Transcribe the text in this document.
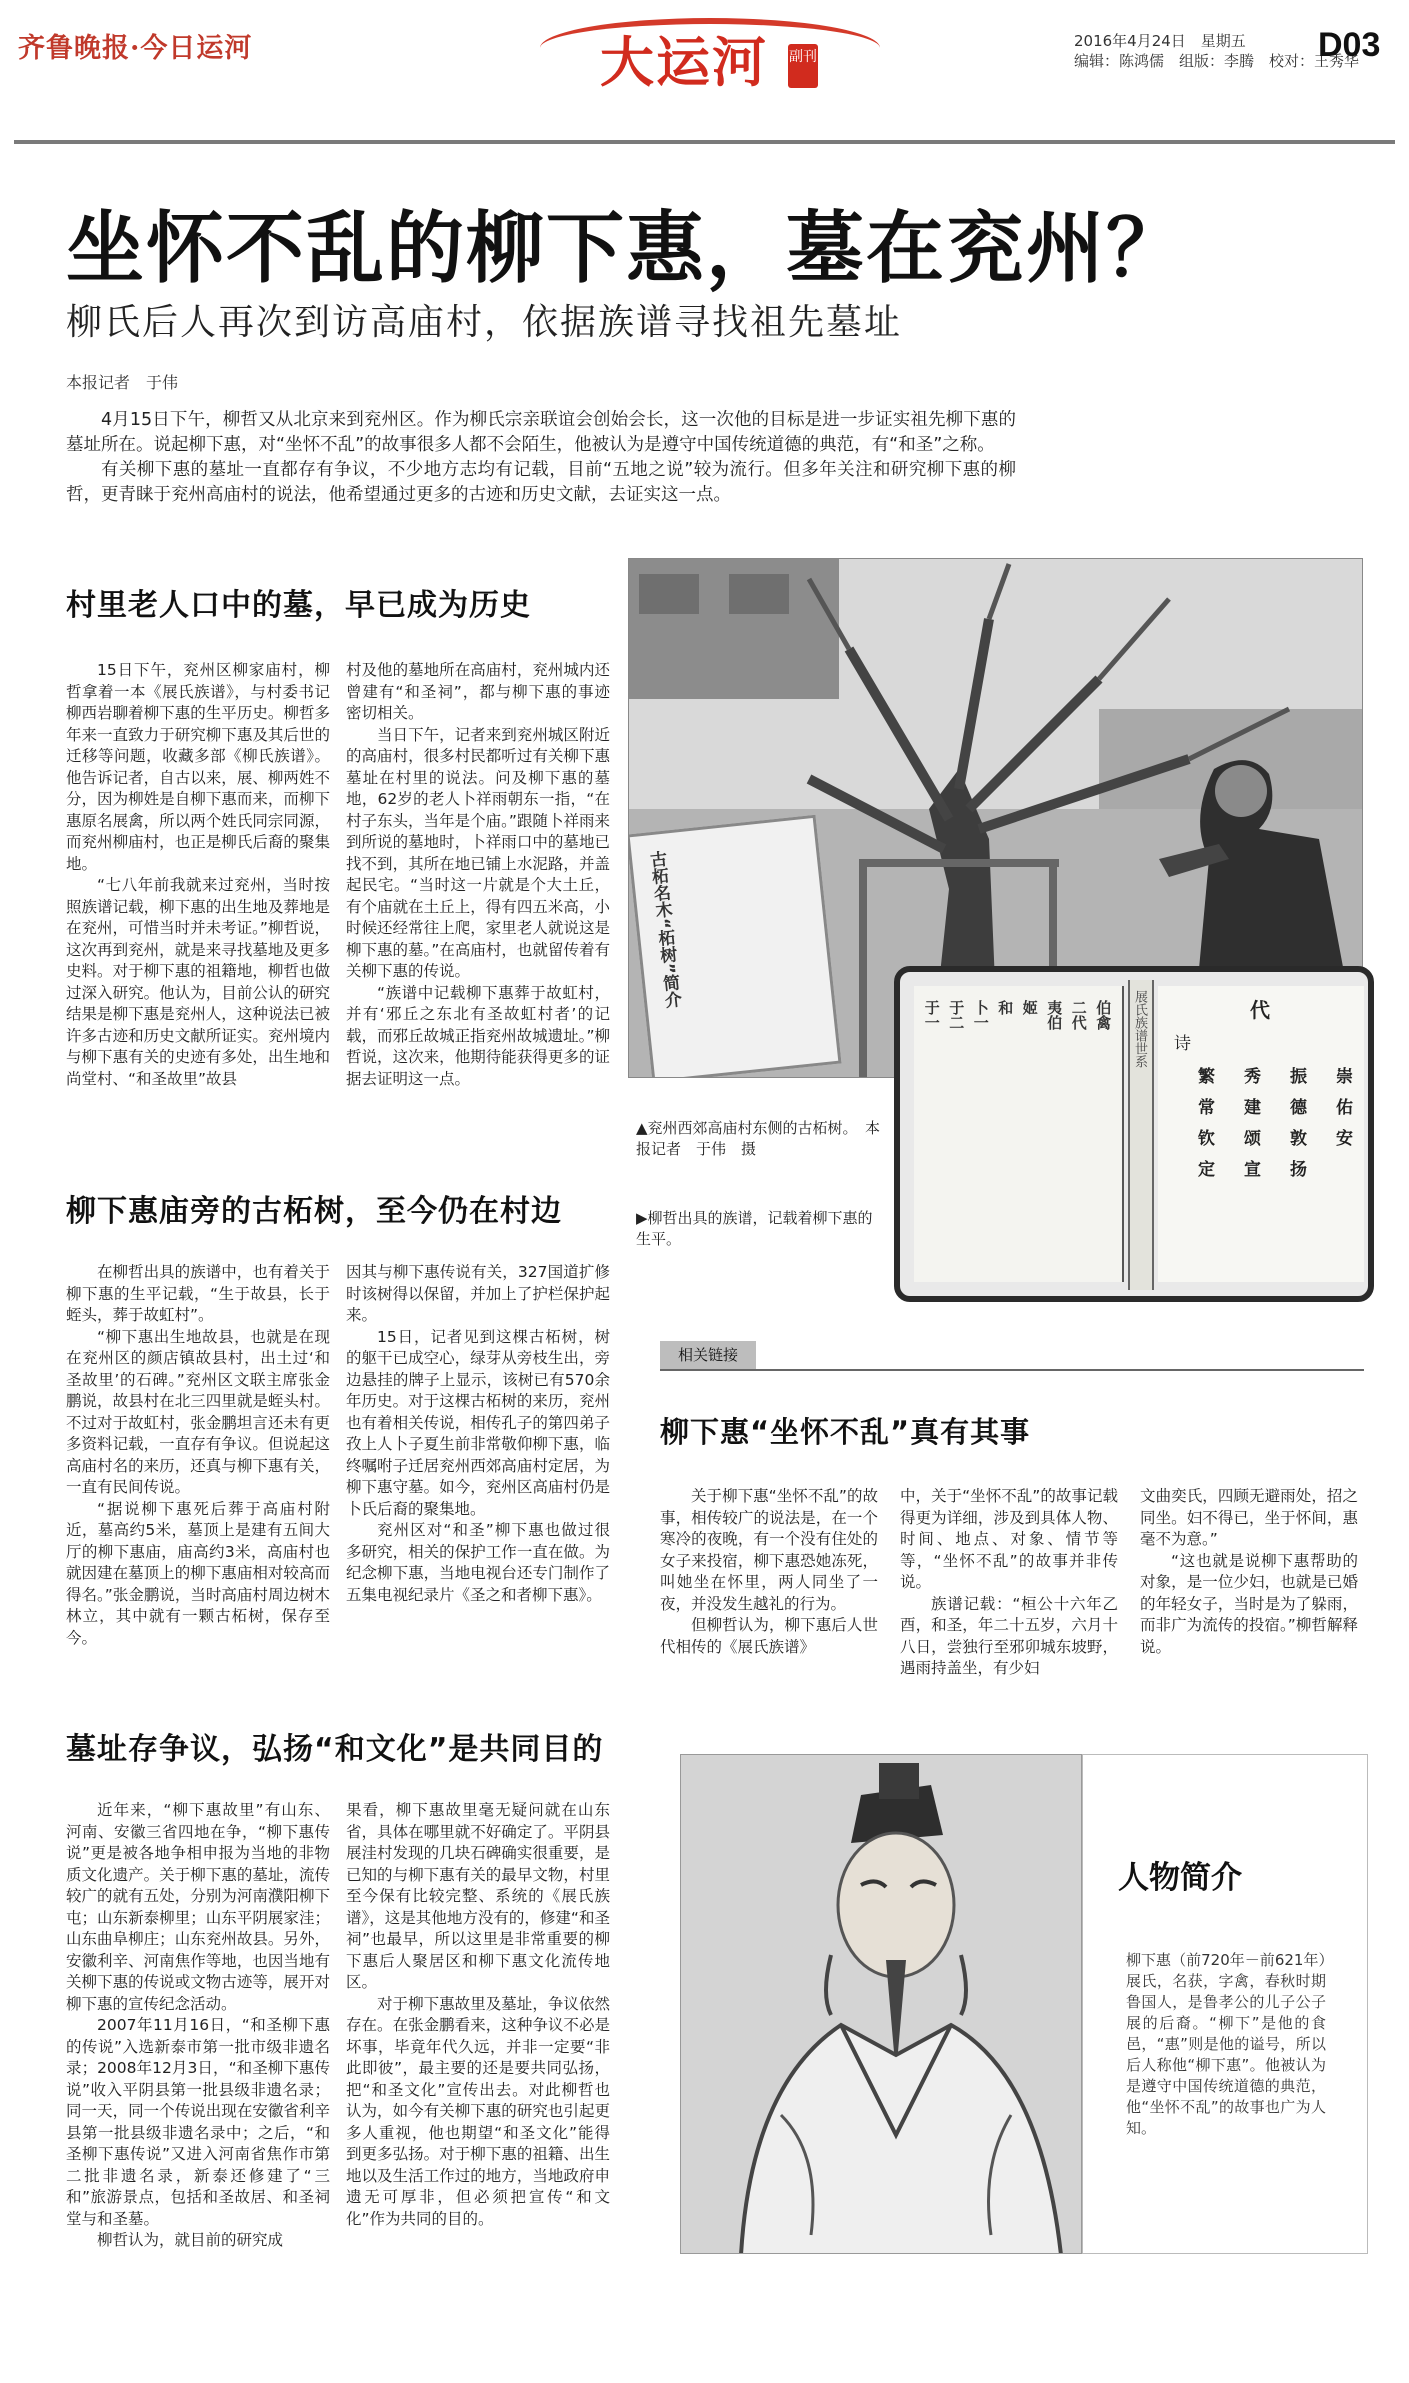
齐鲁晚报·今日运河	大运河 副刊
2016年4月24日　星期五
编辑：陈鸿儒　组版：李腾　校对：王秀华
D03
坐怀不乱的柳下惠，墓在兖州？
柳氏后人再次到访高庙村，依据族谱寻找祖先墓址
本报记者　于伟

4月15日下午，柳哲又从北京来到兖州区。作为柳氏宗亲联谊会创始会长，这一次他的目标是进一步证实祖先柳下惠的墓址所在。说起柳下惠，对“坐怀不乱”的故事很多人都不会陌生，他被认为是遵守中国传统道德的典范，有“和圣”之称。

有关柳下惠的墓址一直都存有争议，不少地方志均有记载，目前“五地之说”较为流行。但多年关注和研究柳下惠的柳哲，更青睐于兖州高庙村的说法，他希望通过更多的古迹和历史文献，去证实这一点。

村里老人口中的墓，早已成为历史

15日下午，兖州区柳家庙村，柳哲拿着一本《展氏族谱》，与村委书记柳西岩聊着柳下惠的生平历史。柳哲多年来一直致力于研究柳下惠及其后世的迁移等问题，收藏多部《柳氏族谱》。他告诉记者，自古以来，展、柳两姓不分，因为柳姓是自柳下惠而来，而柳下惠原名展禽，所以两个姓氏同宗同源，而兖州柳庙村，也正是柳氏后裔的聚集地。

“七八年前我就来过兖州，当时按照族谱记载，柳下惠的出生地及葬地是在兖州，可惜当时并未考证。”柳哲说，这次再到兖州，就是来寻找墓地及更多史料。对于柳下惠的祖籍地，柳哲也做过深入研究。他认为，目前公认的研究结果是柳下惠是兖州人，这种说法已被许多古迹和历史文献所证实。兖州境内与柳下惠有关的史迹有多处，出生地和尚堂村、“和圣故里”故县

村及他的墓地所在高庙村，兖州城内还曾建有“和圣祠”，都与柳下惠的事迹密切相关。

当日下午，记者来到兖州城区附近的高庙村，很多村民都听过有关柳下惠墓址在村里的说法。问及柳下惠的墓地，62岁的老人卜祥雨朝东一指，“在村子东头，当年是个庙。”跟随卜祥雨来到所说的墓地时，卜祥雨口中的墓地已找不到，其所在地已铺上水泥路，并盖起民宅。“当时这一片就是个大土丘，有个庙就在土丘上，得有四五米高，小时候还经常往上爬，家里老人就说这是柳下惠的墓。”在高庙村，也就留传着有关柳下惠的传说。

“族谱中记载柳下惠葬于故虹村，并有‘邪丘之东北有圣故虹村者’的记载，而邪丘故城正指兖州故城遗址。”柳哲说，这次来，他期待能获得更多的证据去证明这一点。

古柘名木“柘树”简介
伯禽
二代
夷伯
姬
和
卜一
于二
于一	展氏族谱世系	代
诗
繁	秀	振	崇
常	建	德	佑
钦	颂	敦	安
定	宣	扬
▲兖州西郊高庙村东侧的古柘树。　本报记者　于伟　摄
▶柳哲出具的族谱，记载着柳下惠的生平。
柳下惠庙旁的古柘树，至今仍在村边

在柳哲出具的族谱中，也有着关于柳下惠的生平记载，“生于故县，长于蛭头，葬于故虹村”。

“柳下惠出生地故县，也就是在现在兖州区的颜店镇故县村，出土过‘和圣故里’的石碑。”兖州区文联主席张金鹏说，故县村在北三四里就是蛭头村。不过对于故虹村，张金鹏坦言还未有更多资料记载，一直存有争议。但说起这高庙村名的来历，还真与柳下惠有关，一直有民间传说。

“据说柳下惠死后葬于高庙村附近，墓高约5米，墓顶上是建有五间大厅的柳下惠庙，庙高约3米，高庙村也就因建在墓顶上的柳下惠庙相对较高而得名。”张金鹏说，当时高庙村周边树木林立，其中就有一颗古柘树，保存至今。

因其与柳下惠传说有关，327国道扩修时该树得以保留，并加上了护栏保护起来。

15日，记者见到这棵古柘树，树的躯干已成空心，绿芽从旁枝生出，旁边悬挂的牌子上显示，该树已有570余年历史。对于这棵古柘树的来历，兖州也有着相关传说，相传孔子的第四弟子孜上人卜子夏生前非常敬仰柳下惠，临终嘱咐子迁居兖州西郊高庙村定居，为柳下惠守墓。如今，兖州区高庙村仍是卜氏后裔的聚集地。

兖州区对“和圣”柳下惠也做过很多研究，相关的保护工作一直在做。为纪念柳下惠，当地电视台还专门制作了五集电视纪录片《圣之和者柳下惠》。

相关链接
柳下惠“坐怀不乱”真有其事

关于柳下惠“坐怀不乱”的故事，相传较广的说法是，在一个寒冷的夜晚，有一个没有住处的女子来投宿，柳下惠恐她冻死，叫她坐在怀里，两人同坐了一夜，并没发生越礼的行为。

但柳哲认为，柳下惠后人世代相传的《展氏族谱》

中，关于“坐怀不乱”的故事记载得更为详细，涉及到具体人物、时间、地点、对象、情节等等，“坐怀不乱”的故事并非传说。

族谱记载：“桓公十六年乙酉，和圣，年二十五岁，六月十八日，尝独行至邪卯城东坡野，遇雨持盖坐，有少妇

文曲奕氏，四顾无避雨处，招之同坐。妇不得已，坐于怀间，惠毫不为意。”

“这也就是说柳下惠帮助的对象，是一位少妇，也就是已婚的年轻女子，当时是为了躲雨，而非广为流传的投宿。”柳哲解释说。

墓址存争议，弘扬“和文化”是共同目的

近年来，“柳下惠故里”有山东、河南、安徽三省四地在争，“柳下惠传说”更是被各地争相申报为当地的非物质文化遗产。关于柳下惠的墓址，流传较广的就有五处，分别为河南濮阳柳下屯；山东新泰柳里；山东平阴展家洼；山东曲阜柳庄；山东兖州故县。另外，安徽利辛、河南焦作等地，也因当地有关柳下惠的传说或文物古迹等，展开对柳下惠的宣传纪念活动。

2007年11月16日，“和圣柳下惠的传说”入选新泰市第一批市级非遗名录；2008年12月3日，“和圣柳下惠传说”收入平阴县第一批县级非遗名录；同一天，同一个传说出现在安徽省利辛县第一批县级非遗名录中；之后，“和圣柳下惠传说”又进入河南省焦作市第二批非遗名录，新泰还修建了“三和”旅游景点，包括和圣故居、和圣祠堂与和圣墓。

柳哲认为，就目前的研究成

果看，柳下惠故里毫无疑问就在山东省，具体在哪里就不好确定了。平阴县展洼村发现的几块石碑确实很重要，是已知的与柳下惠有关的最早文物，村里至今保有比较完整、系统的《展氏族谱》，这是其他地方没有的，修建“和圣祠”也最早，所以这里是非常重要的柳下惠后人聚居区和柳下惠文化流传地区。

对于柳下惠故里及墓址，争议依然存在。在张金鹏看来，这种争议不必是坏事，毕竟年代久远，并非一定要“非此即彼”，最主要的还是要共同弘扬，把“和圣文化”宣传出去。对此柳哲也认为，如今有关柳下惠的研究也引起更多人重视，他也期望“和圣文化”能得到更多弘扬。对于柳下惠的祖籍、出生地以及生活工作过的地方，当地政府申遗无可厚非，但必须把宣传“和文化”作为共同的目的。

人物简介
柳下惠（前720年－前621年）展氏，名获，字禽，春秋时期鲁国人，是鲁孝公的儿子公子展的后裔。“柳下”是他的食邑，“惠”则是他的谥号，所以后人称他“柳下惠”。他被认为是遵守中国传统道德的典范，他“坐怀不乱”的故事也广为人知。
